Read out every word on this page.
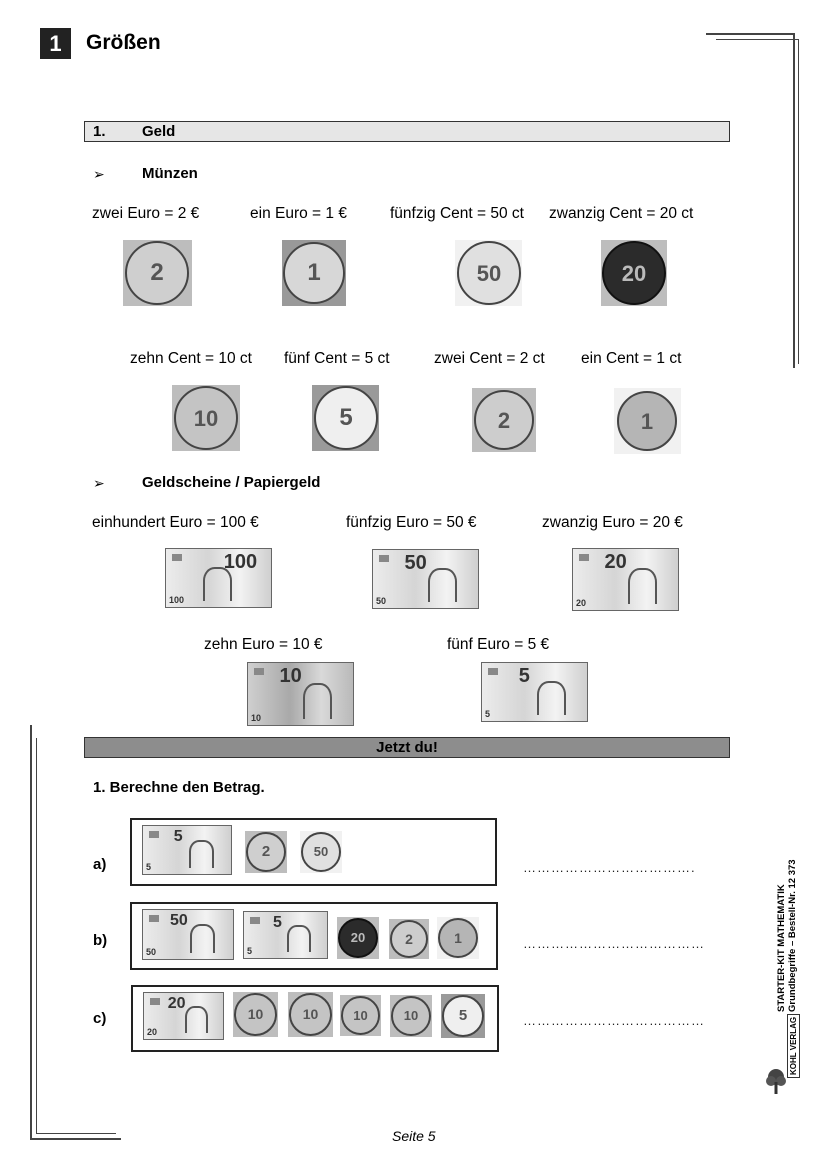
1	Größen
1. Geld
➢ Münzen
zwei Euro = 2 €	ein Euro = 1 €	fünfzig Cent = 50 ct zwanzig Cent = 20 ct
2	1	50	20
zehn Cent = 10 ct fünf Cent = 5 ct	zwei Cent = 2 ct ein Cent = 1 ct
10	5	2	1
➢ Geldscheine / Papiergeld
einhundert Euro = 100 €	fünfzig Euro = 50 €	zwanzig Euro = 20 €
100
100
50
50
20
20
zehn Euro = 10 €	fünf Euro = 5 €
10
10
5
5
Jetzt du!
1. Berechne den Betrag.
a)
5
5
2	50
……………………………….
b)
50
50
5
5
20	2	1	…………………………………
c)
20
20
10	10	10	10	5	…………………………………
STARTER-KIT MATHEMATIK Grundbegriffe – Bestell-Nr. 12 373
KOHL VERLAG
Seite 5
